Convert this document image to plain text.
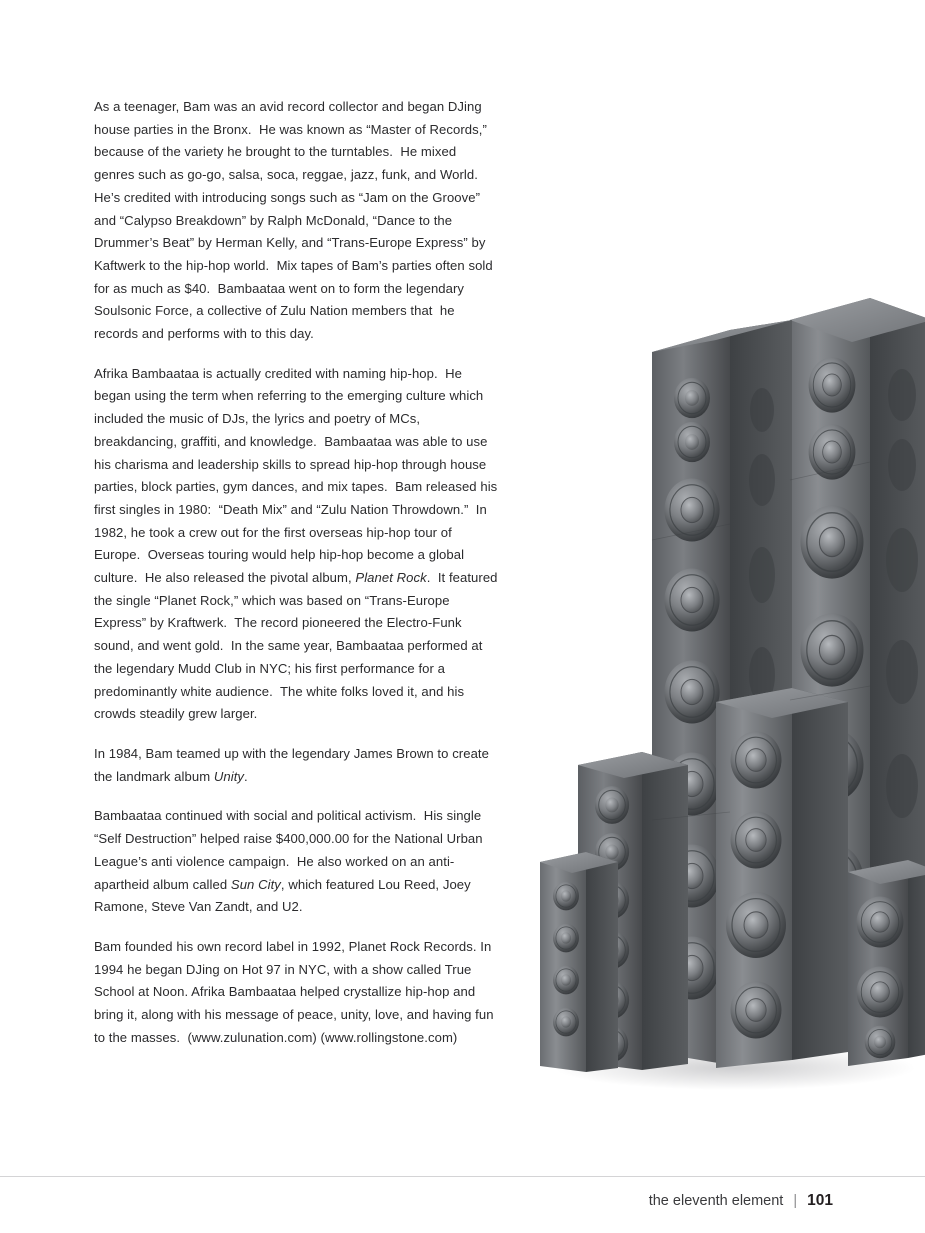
As a teenager, Bam was an avid record collector and began DJing house parties in the Bronx.  He was known as “Master of Records,” because of the variety he brought to the turntables.  He mixed genres such as go-go, salsa, soca, reggae, jazz, funk, and World. He’s credited with introducing songs such as “Jam on the Groove” and “Calypso Breakdown” by Ralph McDonald, “Dance to the Drummer’s Beat” by Herman Kelly, and “Trans-Europe Express” by Kaftwerk to the hip-hop world.  Mix tapes of Bam’s parties often sold for as much as $40.  Bambaataa went on to form the legendary Soulsonic Force, a collective of Zulu Nation members that  he records and performs with to this day.

Afrika Bambaataa is actually credited with naming hip-hop.  He began using the term when referring to the emerging culture which included the music of DJs, the lyrics and poetry of MCs, breakdancing, graffiti, and knowledge.  Bambaataa was able to use his charisma and leadership skills to spread hip-hop through house parties, block parties, gym dances, and mix tapes.  Bam released his first singles in 1980:  “Death Mix” and “Zulu Nation Throwdown.”  In 1982, he took a crew out for the first overseas hip-hop tour of Europe.  Overseas touring would help hip-hop become a global culture.  He also released the pivotal album, Planet Rock.  It featured the single “Planet Rock,” which was based on “Trans-Europe Express” by Kraftwerk.  The record pioneered the Electro-Funk sound, and went gold.  In the same year, Bambaataa performed at the legendary Mudd Club in NYC; his first performance for a predominantly white audience.  The white folks loved it, and his crowds steadily grew larger.

In 1984, Bam teamed up with the legendary James Brown to create the landmark album Unity.

Bambaataa continued with social and political activism.  His single “Self Destruction” helped raise $400,000.00 for the National Urban League’s anti violence campaign.  He also worked on an anti-apartheid album called Sun City, which featured Lou Reed, Joey Ramone, Steve Van Zandt, and U2.

Bam founded his own record label in 1992, Planet Rock Records. In 1994 he began DJing on Hot 97 in NYC, with a show called True School at Noon. Afrika Bambaataa helped crystallize hip-hop and bring it, along with his message of peace, unity, love, and having fun to the masses.  (www.zulunation.com) (www.rollingstone.com)

the eleventh element | 101
